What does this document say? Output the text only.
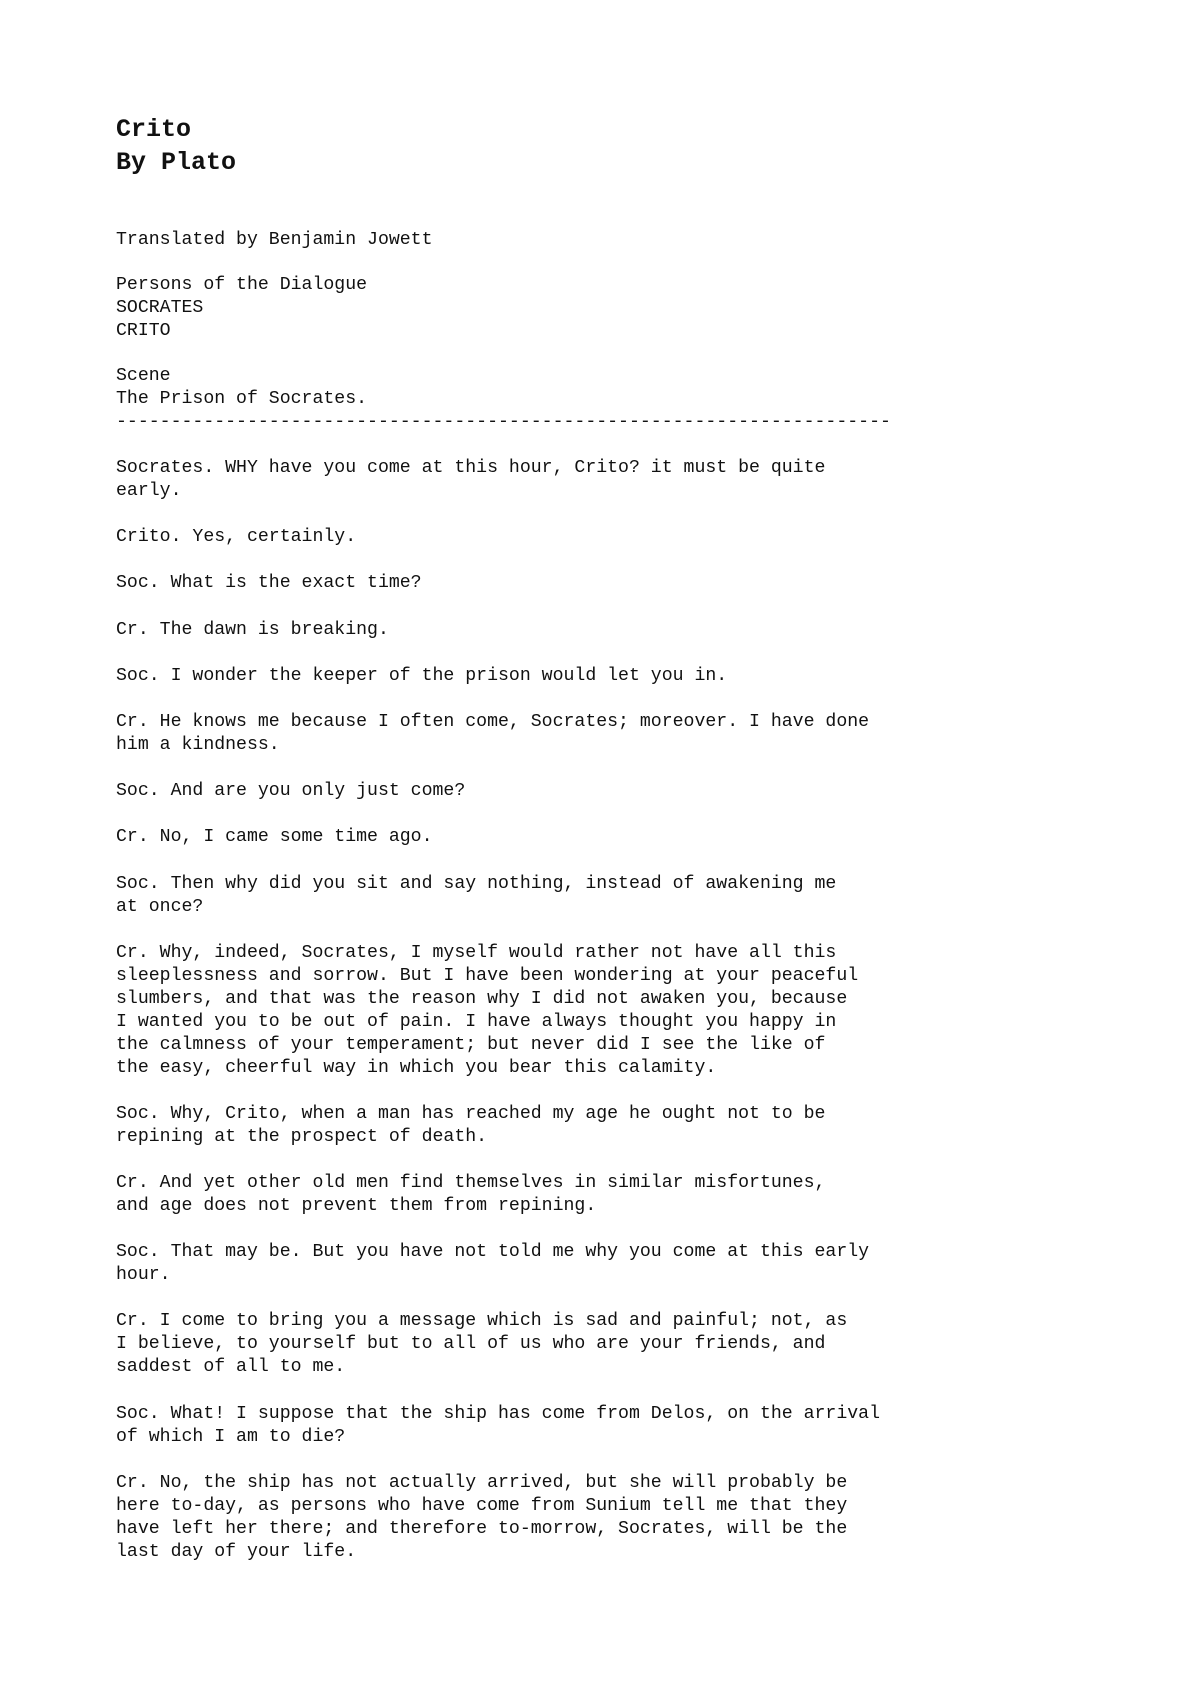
Crito
By Plato
Translated by Benjamin Jowett
Persons of the Dialogue
SOCRATES
CRITO
Scene
The Prison of Socrates.
-----------------------------------------------------------------------
Socrates. WHY have you come at this hour, Crito? it must be quite
early.
Crito. Yes, certainly.
Soc. What is the exact time?
Cr. The dawn is breaking.
Soc. I wonder the keeper of the prison would let you in.
Cr. He knows me because I often come, Socrates; moreover. I have done
him a kindness.
Soc. And are you only just come?
Cr. No, I came some time ago.
Soc. Then why did you sit and say nothing, instead of awakening me
at once?
Cr. Why, indeed, Socrates, I myself would rather not have all this
sleeplessness and sorrow. But I have been wondering at your peaceful
slumbers, and that was the reason why I did not awaken you, because
I wanted you to be out of pain. I have always thought you happy in
the calmness of your temperament; but never did I see the like of
the easy, cheerful way in which you bear this calamity.
Soc. Why, Crito, when a man has reached my age he ought not to be
repining at the prospect of death.
Cr. And yet other old men find themselves in similar misfortunes,
and age does not prevent them from repining.
Soc. That may be. But you have not told me why you come at this early
hour.
Cr. I come to bring you a message which is sad and painful; not, as
I believe, to yourself but to all of us who are your friends, and
saddest of all to me.
Soc. What! I suppose that the ship has come from Delos, on the arrival
of which I am to die?
Cr. No, the ship has not actually arrived, but she will probably be
here to-day, as persons who have come from Sunium tell me that they
have left her there; and therefore to-morrow, Socrates, will be the
last day of your life.
